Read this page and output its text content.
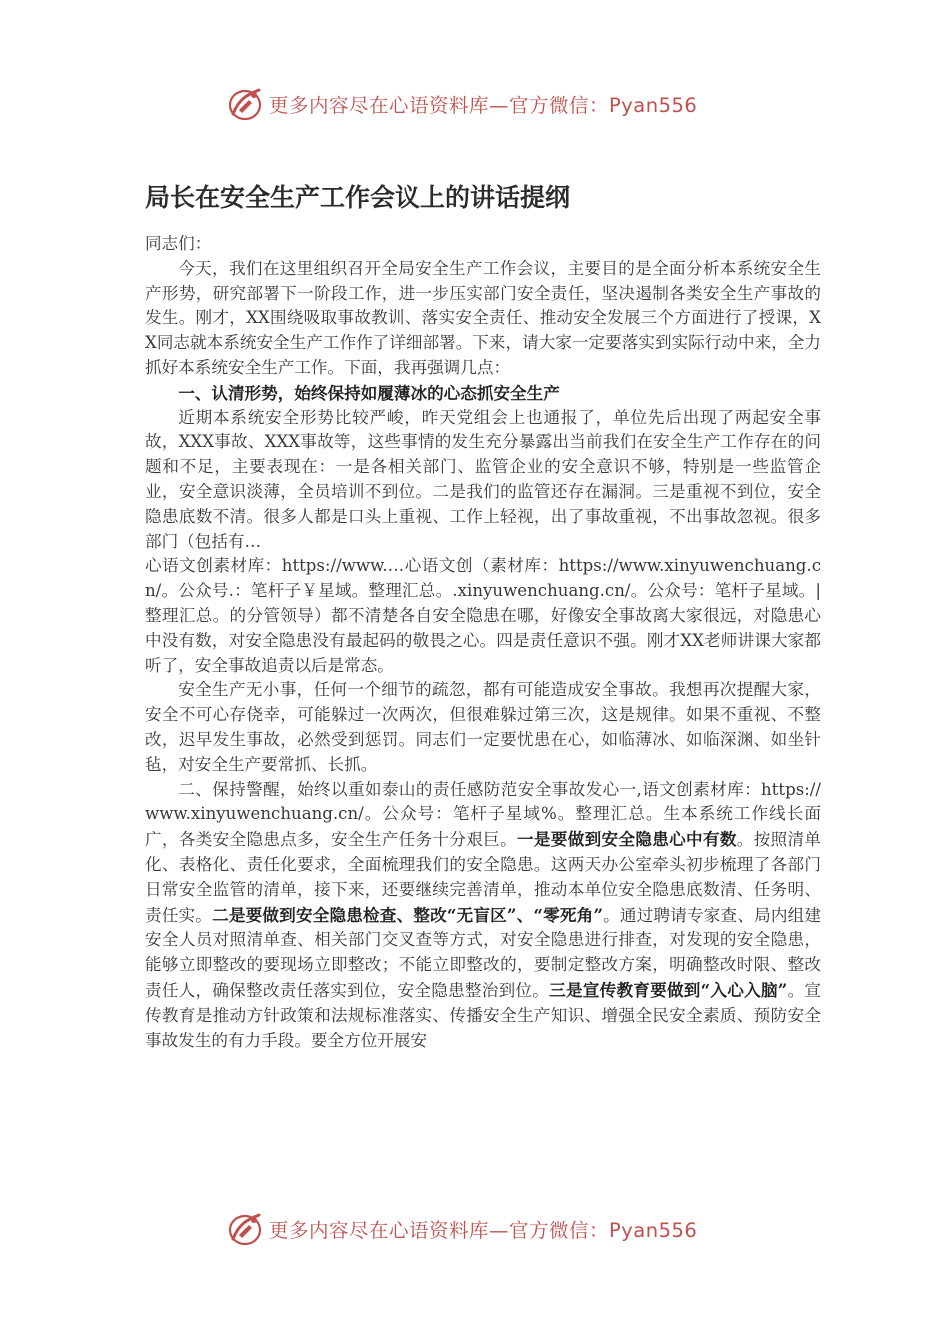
更多内容尽在心语资料库—官方微信：Pyan556
局长在安全生产工作会议上的讲话提纲

同志们：

今天，我们在这里组织召开全局安全生产工作会议，主要目的是全面分析本系统安全生产形势，研究部署下一阶段工作，进一步压实部门安全责任，坚决遏制各类安全生产事故的发生。刚才，XX围绕吸取事故教训、落实安全责任、推动安全发展三个方面进行了授课，XX同志就本系统安全生产工作作了详细部署。下来，请大家一定要落实到实际行动中来，全力抓好本系统安全生产工作。下面，我再强调几点：

一、认清形势，始终保持如履薄冰的心态抓安全生产

近期本系统安全形势比较严峻，昨天党组会上也通报了，单位先后出现了两起安全事故，XXX事故、XXX事故等，这些事情的发生充分暴露出当前我们在安全生产工作存在的问题和不足，主要表现在：一是各相关部门、监管企业的安全意识不够，特别是一些监管企业，安全意识淡薄，全员培训不到位。二是我们的监管还存在漏洞。三是重视不到位，安全隐患底数不清。很多人都是口头上重视、工作上轻视，出了事故重视，不出事故忽视。很多部门（包括有…
心语文创素材库：https://www.…心语文创（素材库：https://www.xinyuwenchuang.cn/。公众号.：笔杆子￥星域。整理汇总。.xinyuwenchuang.cn/。公众号：笔杆子星域。|整理汇总。的分管领导）都不清楚各自安全隐患在哪，好像安全事故离大家很远，对隐患心中没有数，对安全隐患没有最起码的敬畏之心。四是责任意识不强。刚才XX老师讲课大家都听了，安全事故追责以后是常态。

安全生产无小事，任何一个细节的疏忽，都有可能造成安全事故。我想再次提醒大家，安全不可心存侥幸，可能躲过一次两次，但很难躲过第三次，这是规律。如果不重视、不整改，迟早发生事故，必然受到惩罚。同志们一定要忧患在心，如临薄冰、如临深渊、如坐针毡，对安全生产要常抓、长抓。

二、保持警醒，始终以重如泰山的责任感防范安全事故发心一,语文创素材库：https://www.xinyuwenchuang.cn/。公众号：笔杆子星域%。整理汇总。生本系统工作线长面广，各类安全隐患点多，安全生产任务十分艰巨。一是要做到安全隐患心中有数。按照清单化、表格化、责任化要求，全面梳理我们的安全隐患。这两天办公室牵头初步梳理了各部门日常安全监管的清单，接下来，还要继续完善清单，推动本单位安全隐患底数清、任务明、责任实。二是要做到安全隐患检查、整改“无盲区”、“零死角”。通过聘请专家查、局内组建安全人员对照清单查、相关部门交叉查等方式，对安全隐患进行排查，对发现的安全隐患，能够立即整改的要现场立即整改；不能立即整改的，要制定整改方案，明确整改时限、整改责任人，确保整改责任落实到位，安全隐患整治到位。三是宣传教育要做到“入心入脑”。宣传教育是推动方针政策和法规标准落实、传播安全生产知识、增强全民安全素质、预防安全事故发生的有力手段。要全方位开展安

更多内容尽在心语资料库—官方微信：Pyan556
